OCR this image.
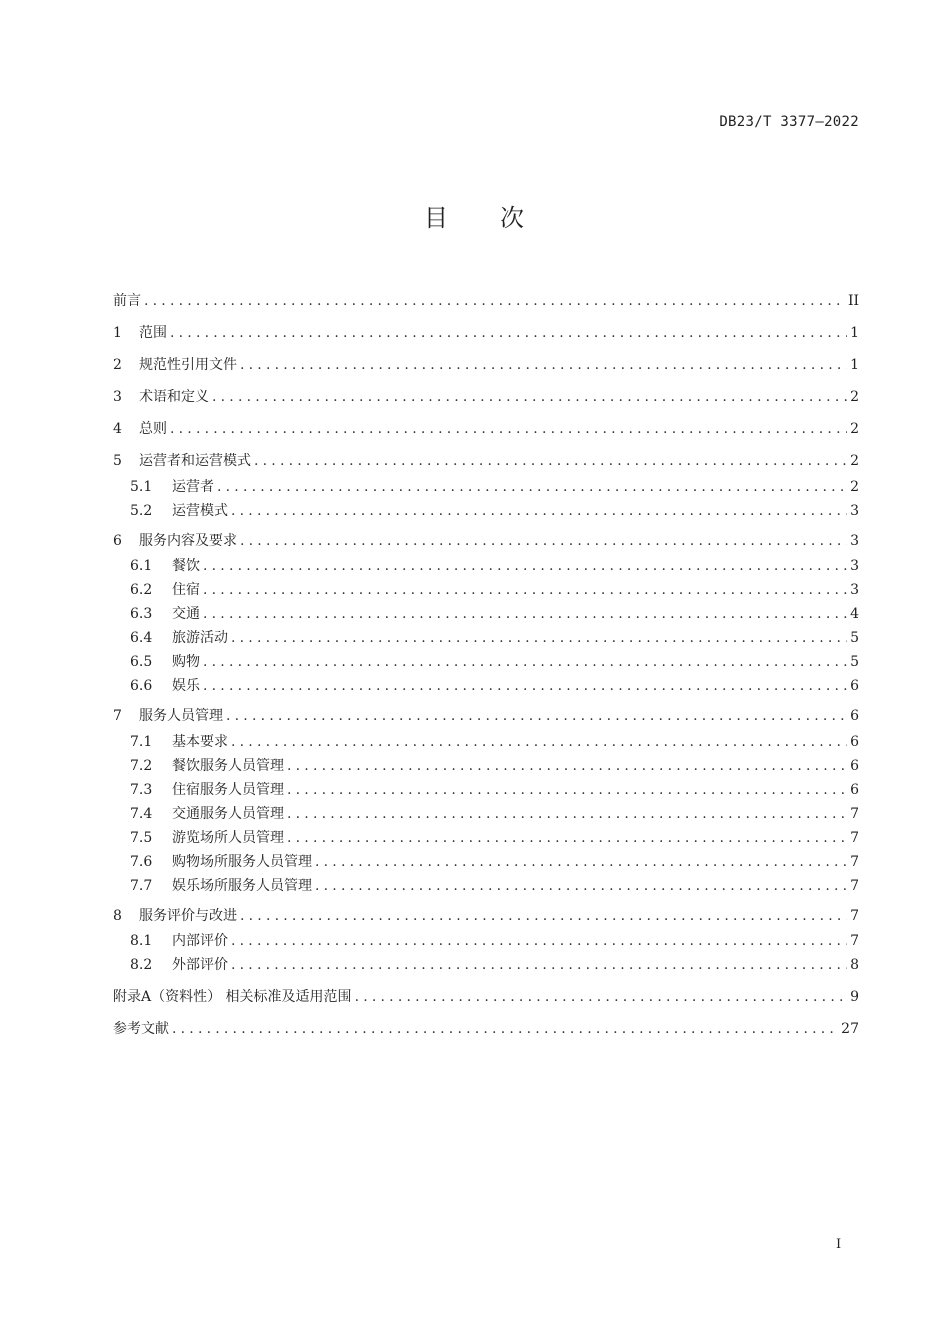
DB23/T 3377—2022
目 次
前言 .....	II
1	范围 .....	1
2	规范性引用文件 .....	1
3	术语和定义 .....	2
4	总则 .....	2
5	运营者和运营模式 .....	2
5.1	运营者 .....	2
5.2	运营模式 .....	3
6	服务内容及要求 .....	3
6.1	餐饮 .....	3
6.2	住宿 .....	3
6.3	交通 .....	4
6.4	旅游活动 .....	5
6.5	购物 .....	5
6.6	娱乐 .....	6
7	服务人员管理 .....	6
7.1	基本要求 .....	6
7.2	餐饮服务人员管理 .....	6
7.3	住宿服务人员管理 .....	6
7.4	交通服务人员管理 .....	7
7.5	游览场所人员管理 .....	7
7.6	购物场所服务人员管理 .....	7
7.7	娱乐场所服务人员管理 .....	7
8	服务评价与改进 .....	7
8.1	内部评价 .....	7
8.2	外部评价 .....	8
附录A（资料性） 相关标准及适用范围 .....	9
参考文献 .....	27
I
